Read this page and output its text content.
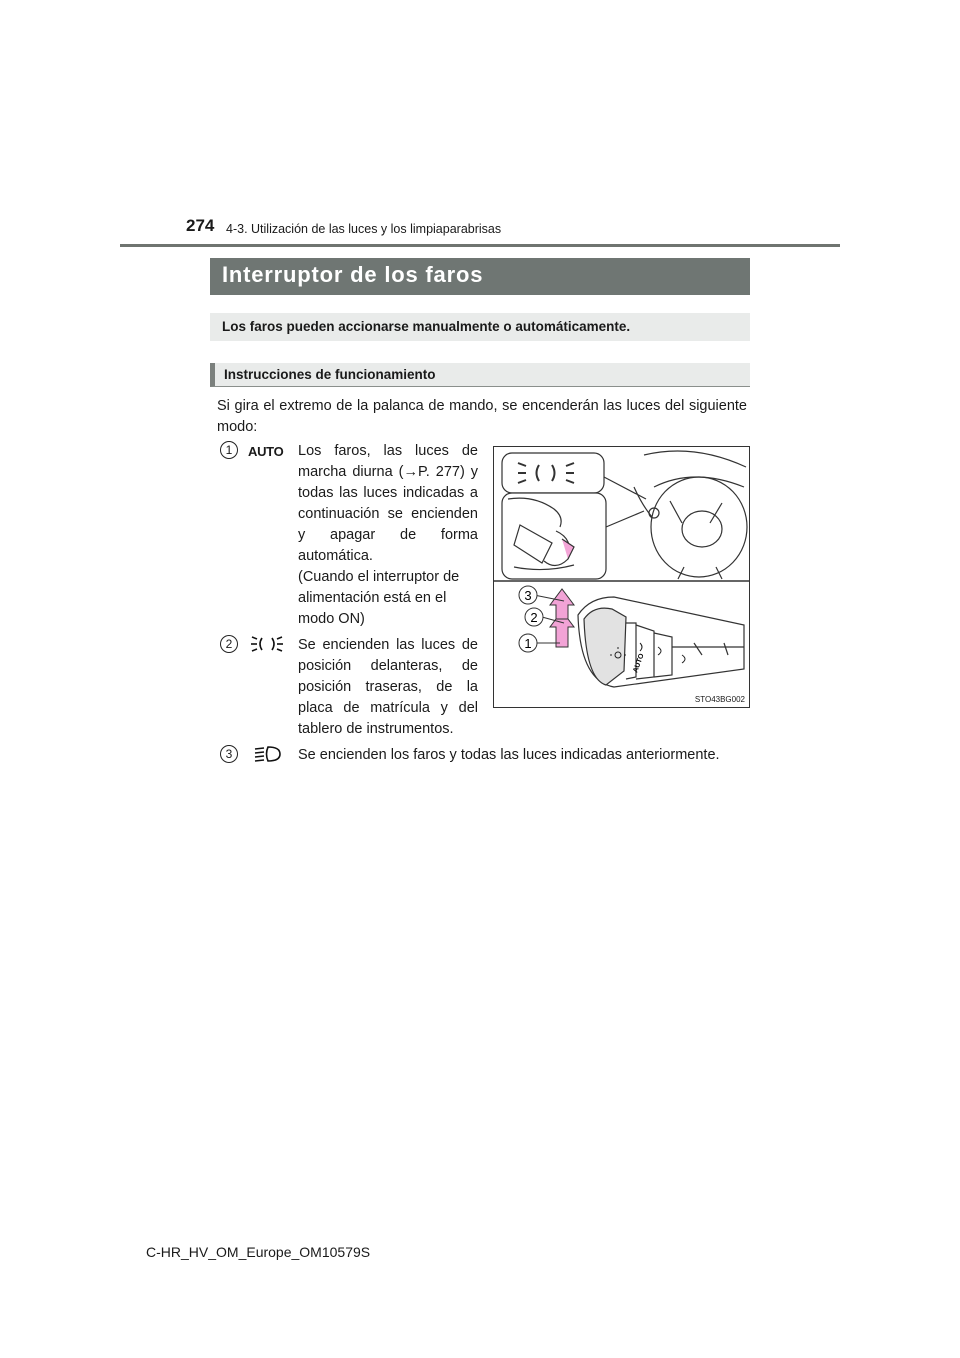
274 4-3. Utilización de las luces y los limpiaparabrisas
Interruptor de los faros
Los faros pueden accionarse manualmente o automáticamente.
Instrucciones de funcionamiento
Si gira el extremo de la palanca de mando, se encenderán las luces del siguiente modo:
1	AUTO Los faros, las luces de marcha diurna (→P. 277) y todas las luces indicadas a continuación se encienden y apagar de forma automática.

(Cuando el interruptor de alimentación está en el modo ON)

2	Se encienden las luces de posición delanteras, de posición traseras, de la placa de matrícula y del tablero de instrumentos.

3	Se encienden los faros y todas las luces indicadas anteriormente.

3
2
1
AUTO
STO43BG002
C-HR_HV_OM_Europe_OM10579S
